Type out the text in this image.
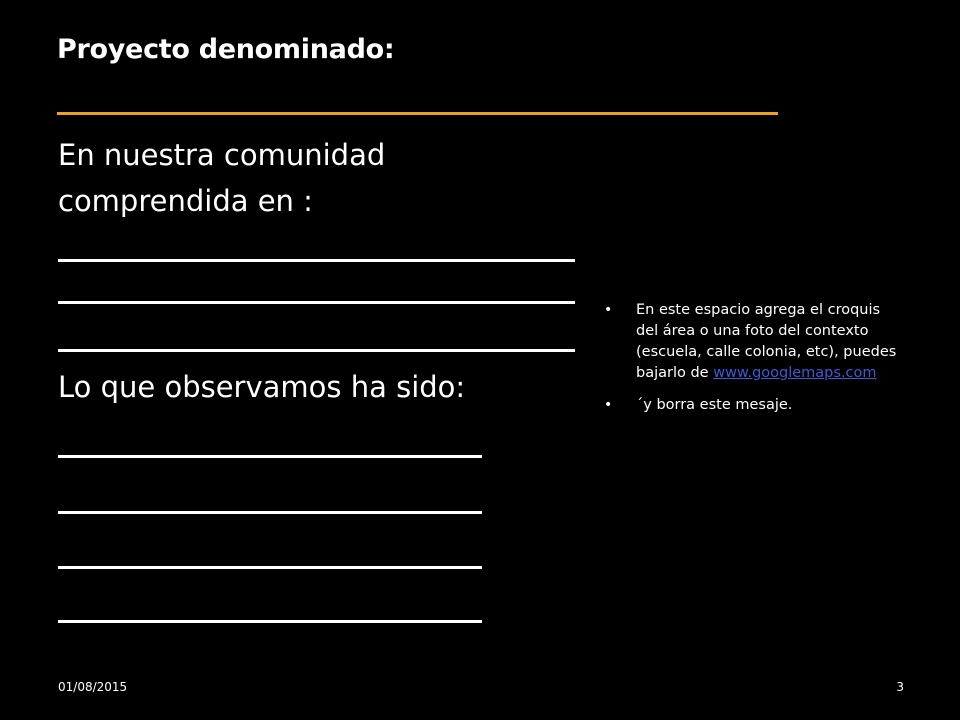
Proyecto denominado:
En nuestra comunidad
comprendida en :
Lo que observamos ha sido:
• En este espacio agrega el croquis del área o una foto del contexto (escuela, calle colonia, etc), puedes bajarlo de www.googlemaps.com
• ´y borra este mesaje.
01/08/2015	3
